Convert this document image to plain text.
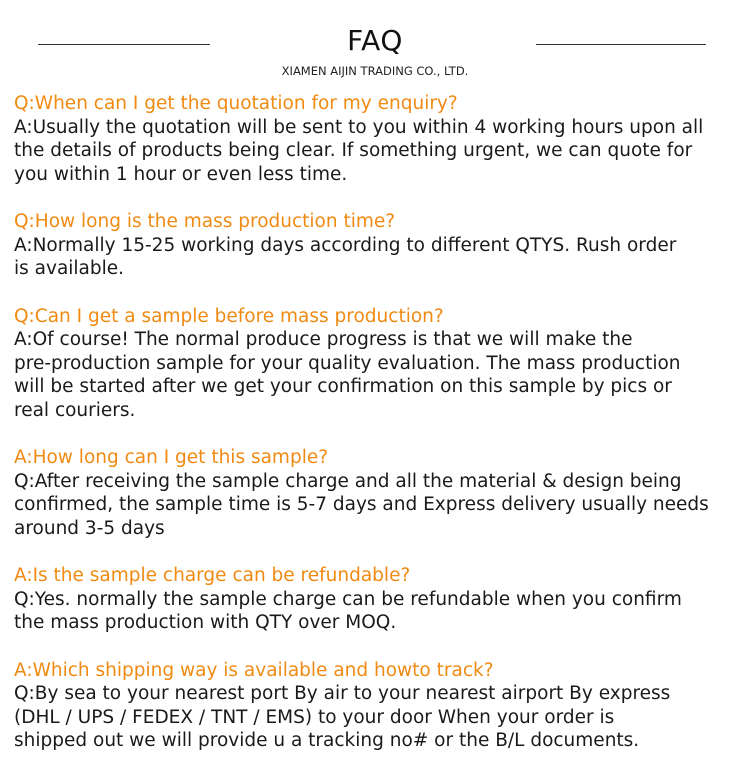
FAQ
XIAMEN AIJIN TRADING CO., LTD.
Q:When can I get the quotation for my enquiry?
A:Usually the quotation will be sent to you within 4 working hours upon all
the details of products being clear. If something urgent, we can quote for
you within 1 hour or even less time.
Q:How long is the mass production time?
A:Normally 15-25 working days according to different QTYS. Rush order
is available.
Q:Can I get a sample before mass production?
A:Of course! The normal produce progress is that we will make the
pre-production sample for your quality evaluation. The mass production
will be started after we get your confirmation on this sample by pics or
real couriers.
A:How long can I get this sample?
Q:After receiving the sample charge and all the material & design being
confirmed, the sample time is 5-7 days and Express delivery usually needs
around 3-5 days
A:Is the sample charge can be refundable?
Q:Yes. normally the sample charge can be refundable when you confirm
the mass production with QTY over MOQ.
A:Which shipping way is available and howto track?
Q:By sea to your nearest port By air to your nearest airport By express
(DHL / UPS / FEDEX / TNT / EMS) to your door When your order is
shipped out we will provide u a tracking no# or the B/L documents.
